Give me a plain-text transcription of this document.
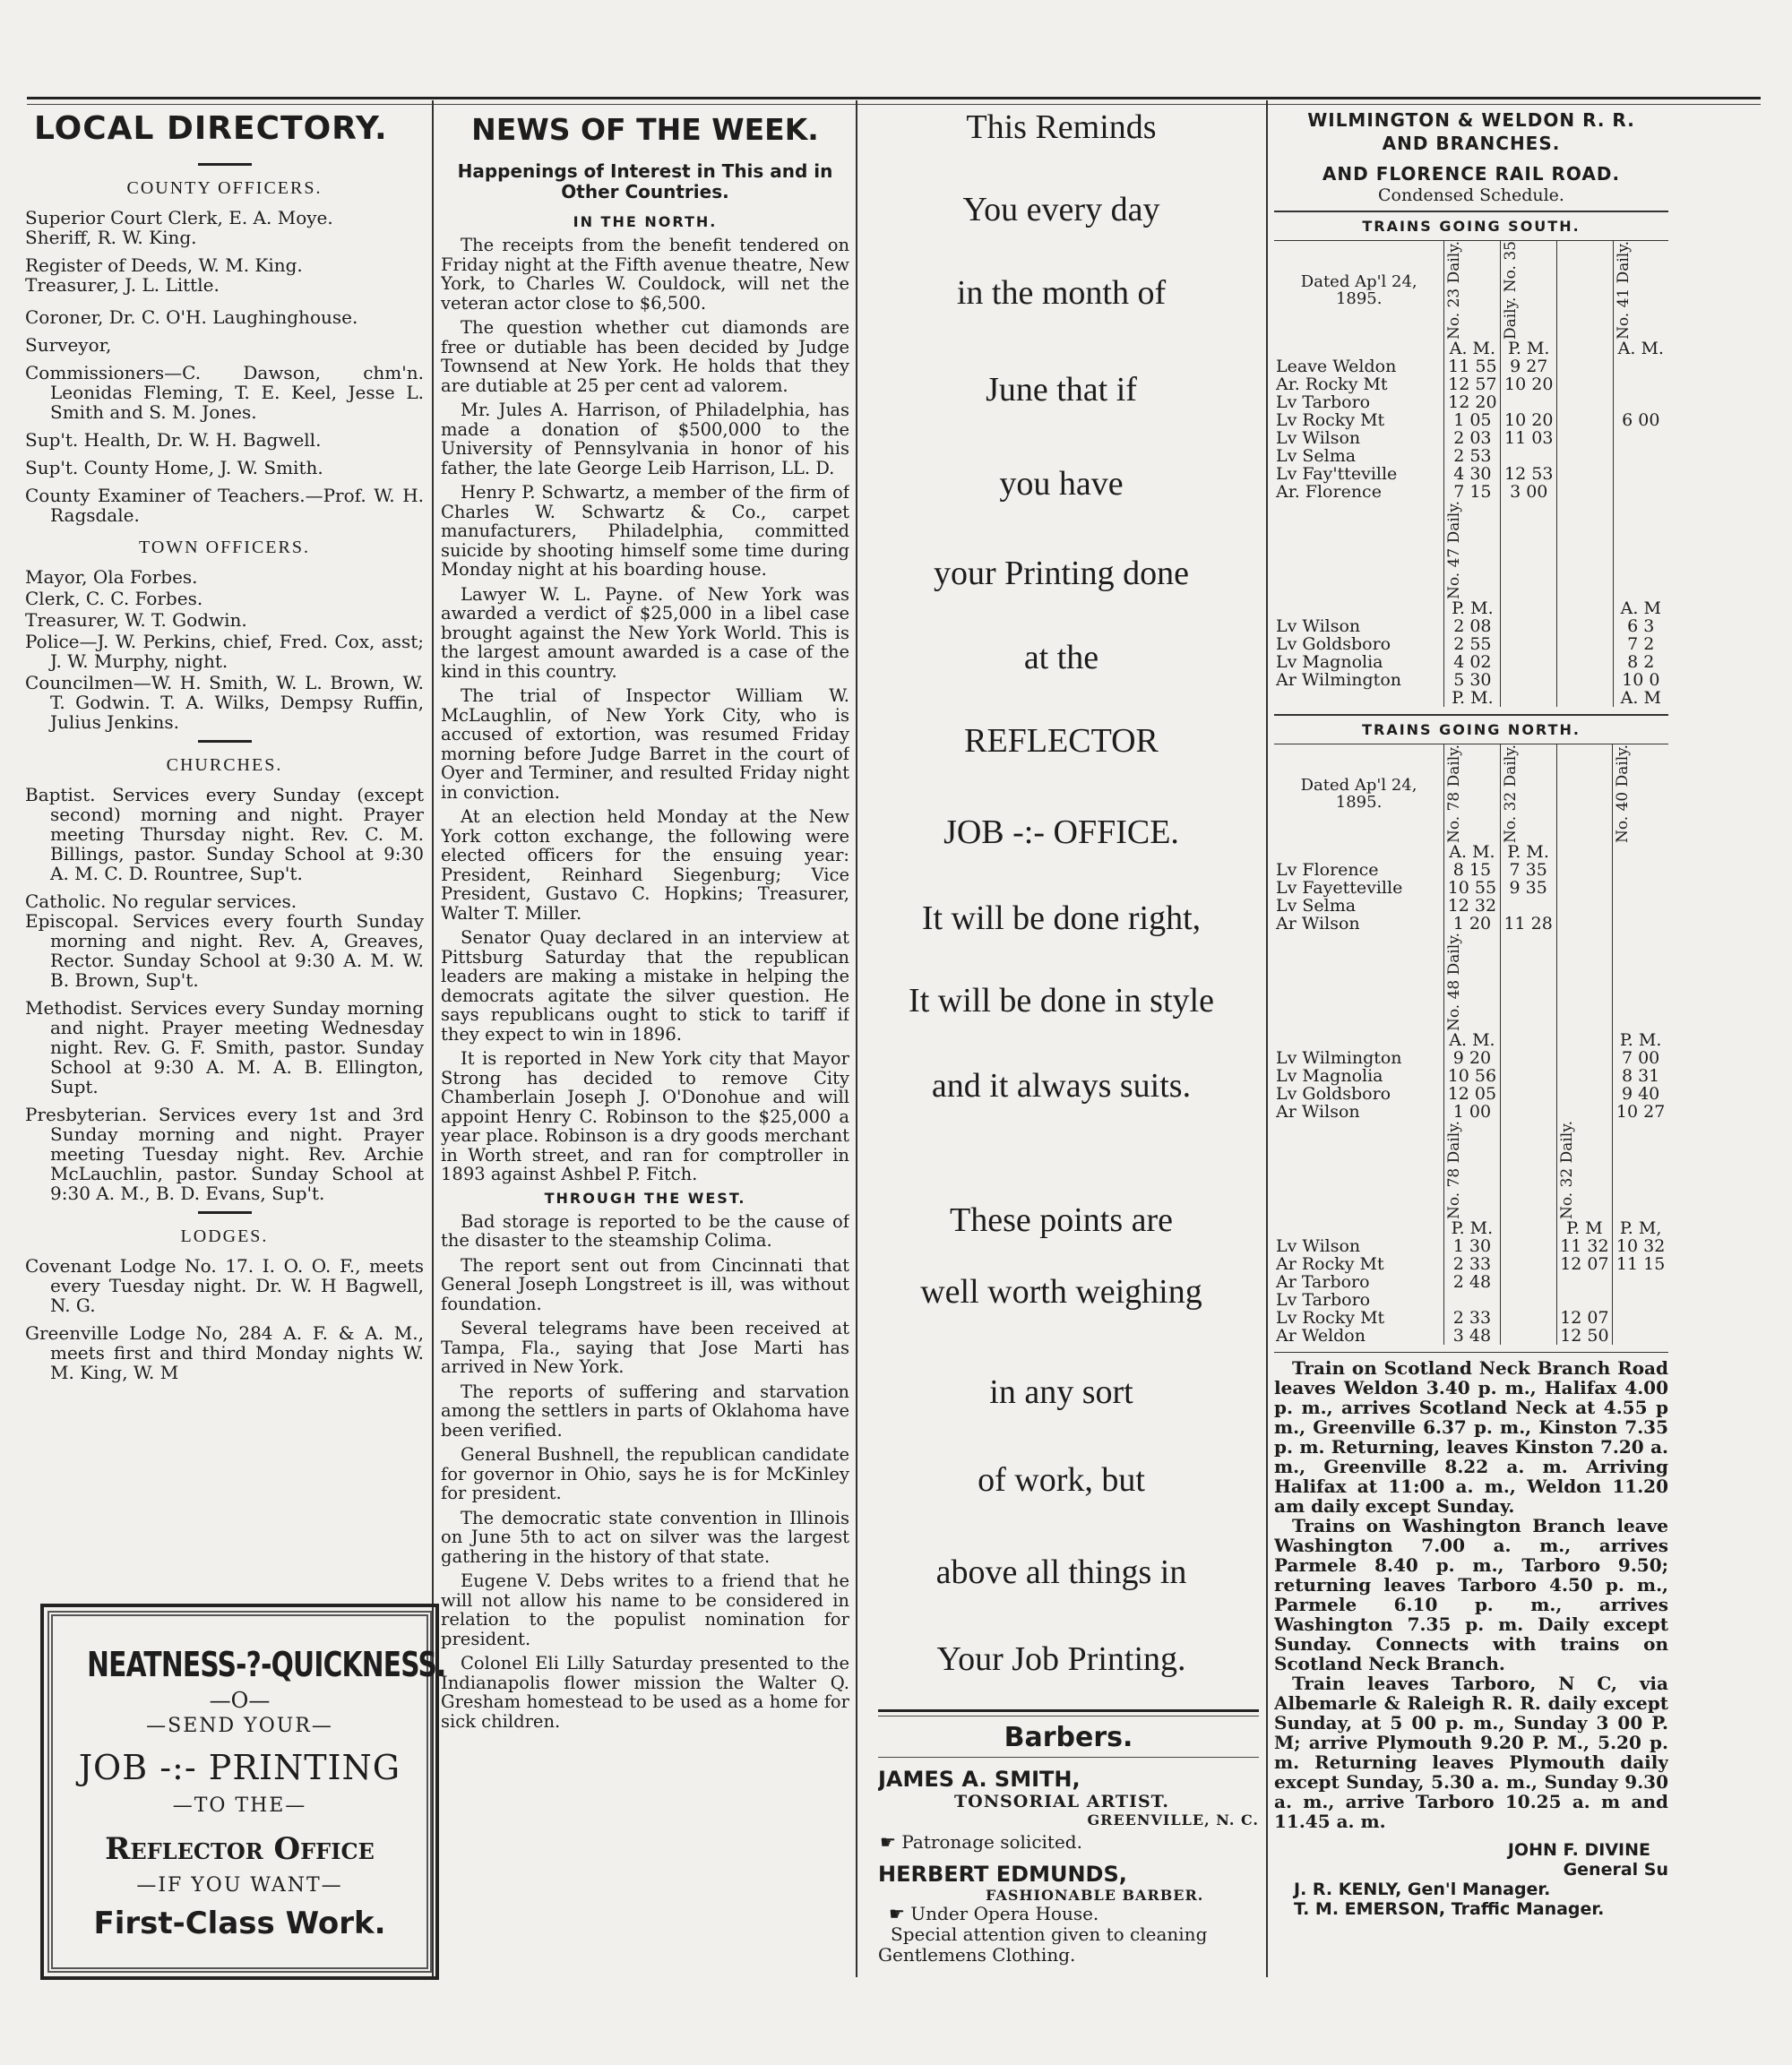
LOCAL DIRECTORY.
COUNTY OFFICERS.
Superior Court Clerk, E. A. Moye.
Sheriff, R. W. King.
Register of Deeds, W. M. King.
Treasurer, J. L. Little.
Coroner, Dr. C. O'H. Laughinghouse.
Surveyor,
Commissioners—C. Dawson, chm'n. Leonidas Fleming, T. E. Keel, Jesse L. Smith and S. M. Jones.
Sup't. Health, Dr. W. H. Bagwell.
Sup't. County Home, J. W. Smith.
County Examiner of Teachers.—Prof. W. H. Ragsdale.
TOWN OFFICERS.
Mayor, Ola Forbes.
Clerk, C. C. Forbes.
Treasurer, W. T. Godwin.
Police—J. W. Perkins, chief, Fred. Cox, asst; J. W. Murphy, night.
Councilmen—W. H. Smith, W. L. Brown, W. T. Godwin. T. A. Wilks, Dempsy Ruffin, Julius Jenkins.
CHURCHES.
Baptist. Services every Sunday (except second) morning and night. Prayer meeting Thursday night. Rev. C. M. Billings, pastor. Sunday School at 9:30 A. M. C. D. Rountree, Sup't.
Catholic. No regular services.
Episcopal. Services every fourth Sunday morning and night. Rev. A, Greaves, Rector. Sunday School at 9:30 A. M. W. B. Brown, Sup't.
Methodist. Services every Sunday morning and night. Prayer meeting Wednesday night. Rev. G. F. Smith, pastor. Sunday School at 9:30 A. M. A. B. Ellington, Supt.
Presbyterian. Services every 1st and 3rd Sunday morning and night. Prayer meeting Tuesday night. Rev. Archie McLauchlin, pastor. Sunday School at 9:30 A. M., B. D. Evans, Sup't.
LODGES.
Covenant Lodge No. 17. I. O. O. F., meets every Tuesday night. Dr. W. H Bagwell, N. G.
Greenville Lodge No, 284 A. F. & A. M., meets first and third Monday nights W. M. King, W. M
NEATNESS-?-QUICKNESS.
—O—
—SEND YOUR—
JOB -:- PRINTING
—TO THE—
Reflector Office
—IF YOU WANT—
First-Class Work.
NEWS OF THE WEEK.
Happenings of Interest in This and in Other Countries.
IN THE NORTH.

The receipts from the benefit tendered on Friday night at the Fifth avenue theatre, New York, to Charles W. Couldock, will net the veteran actor close to $6,500.

The question whether cut diamonds are free or dutiable has been decided by Judge Townsend at New York. He holds that they are dutiable at 25 per cent ad valorem.

Mr. Jules A. Harrison, of Philadelphia, has made a donation of $500,000 to the University of Pennsylvania in honor of his father, the late George Leib Harrison, LL. D.

Henry P. Schwartz, a member of the firm of Charles W. Schwartz & Co., carpet manufacturers, Philadelphia, committed suicide by shooting himself some time during Monday night at his boarding house.

Lawyer W. L. Payne. of New York was awarded a verdict of $25,000 in a libel case brought against the New York World. This is the largest amount awarded is a case of the kind in this country.

The trial of Inspector William W. McLaughlin, of New York City, who is accused of extortion, was resumed Friday morning before Judge Barret in the court of Oyer and Terminer, and resulted Friday night in conviction.

At an election held Monday at the New York cotton exchange, the following were elected officers for the ensuing year: President, Reinhard Siegenburg; Vice President, Gustavo C. Hopkins; Treasurer, Walter T. Miller.

Senator Quay declared in an interview at Pittsburg Saturday that the republican leaders are making a mistake in helping the democrats agitate the silver question. He says republicans ought to stick to tariff if they expect to win in 1896.

It is reported in New York city that Mayor Strong has decided to remove City Chamberlain Joseph J. O'Donohue and will appoint Henry C. Robinson to the $25,000 a year place. Robinson is a dry goods merchant in Worth street, and ran for comptroller in 1893 against Ashbel P. Fitch.

THROUGH THE WEST.

Bad storage is reported to be the cause of the disaster to the steamship Colima.

The report sent out from Cincinnati that General Joseph Longstreet is ill, was without foundation.

Several telegrams have been received at Tampa, Fla., saying that Jose Marti has arrived in New York.

The reports of suffering and starvation among the settlers in parts of Oklahoma have been verified.

General Bushnell, the republican candidate for governor in Ohio, says he is for McKinley for president.

The democratic state convention in Illinois on June 5th to act on silver was the largest gathering in the history of that state.

Eugene V. Debs writes to a friend that he will not allow his name to be considered in relation to the populist nomination for president.

Colonel Eli Lilly Saturday presented to the Indianapolis flower mission the Walter Q. Gresham homestead to be used as a home for sick children.

This Reminds
You every day
in the month of
June that if
you have
your Printing done
at the
REFLECTOR
JOB -:- OFFICE.
It will be done right,
It will be done in style
and it always suits.
These points are
well worth weighing
in any sort
of work, but
above all things in
Your Job Printing.
Barbers.
JAMES A. SMITH,
TONSORIAL ARTIST.
GREENVILLE, N. C.
☛ Patronage solicited.
HERBERT EDMUNDS,
FASHIONABLE BARBER.
☛ Under Opera House.
Special attention given to cleaning Gentlemens Clothing.
WILMINGTON & WELDON R. R.
AND BRANCHES.
AND FLORENCE RAIL ROAD.
Condensed Schedule.
TRAINS GOING SOUTH.
Dated Ap'l 24, 1895.	No. 23 Daily.	Daily. No. 35		No. 41 Daily.

	A. M.	P. M.		A. M.
Leave Weldon	11 55	9 27		
Ar. Rocky Mt	12 57	10 20		
Lv Tarboro	12 20			
Lv Rocky Mt	1 05	10 20		6 00
Lv Wilson	2 03	11 03		
Lv Selma	2 53			
Lv Fay'tteville	4 30	12 53		
Ar. Florence	7 15	3 00		

	No. 47 Daily.			

	P. M.			A. M
Lv Wilson	2 08			6 3
Lv Goldsboro	2 55			7 2
Lv Magnolia	4 02			8 2
Ar Wilmington	5 30			10 0
	P. M.			A. M
TRAINS GOING NORTH.
Dated Ap'l 24, 1895.	No. 78 Daily.	No. 32 Daily.		No. 40 Daily.

	A. M.	P. M.		
Lv Florence	8 15	7 35		
Lv Fayetteville	10 55	9 35		
Lv Selma	12 32			
Ar Wilson	1 20	11 28		

	No. 48 Daily.			

	A. M.			P. M.
Lv Wilmington	9 20			7 00
Lv Magnolia	10 56			8 31
Lv Goldsboro	12 05			9 40
Ar Wilson	1 00			10 27

	No. 78 Daily.		No. 32 Daily.	

	P. M.		P. M	P. M,
Lv Wilson	1 30		11 32	10 32
Ar Rocky Mt	2 33		12 07	11 15
Ar Tarboro	2 48			
Lv Tarboro				
Lv Rocky Mt	2 33		12 07	
Ar Weldon	3 48		12 50	

Train on Scotland Neck Branch Road leaves Weldon 3.40 p. m., Halifax 4.00 p. m., arrives Scotland Neck at 4.55 p m., Greenville 6.37 p. m., Kinston 7.35 p. m. Returning, leaves Kinston 7.20 a. m., Greenville 8.22 a. m. Arriving Halifax at 11:00 a. m., Weldon 11.20 am daily except Sunday.

Trains on Washington Branch leave Washington 7.00 a. m., arrives Parmele 8.40 p. m., Tarboro 9.50; returning leaves Tarboro 4.50 p. m., Parmele 6.10 p. m., arrives Washington 7.35 p. m. Daily except Sunday. Connects with trains on Scotland Neck Branch.

Train leaves Tarboro, N C, via Albemarle & Raleigh R. R. daily except Sunday, at 5 00 p. m., Sunday 3 00 P. M; arrive Plymouth 9.20 P. M., 5.20 p. m. Returning leaves Plymouth daily except Sunday, 5.30 a. m., Sunday 9.30 a. m., arrive Tarboro 10.25 a. m and 11.45 a. m.

JOHN F. DIVINE
General Su
J. R. KENLY, Gen'l Manager.
T. M. EMERSON, Traffic Manager.
